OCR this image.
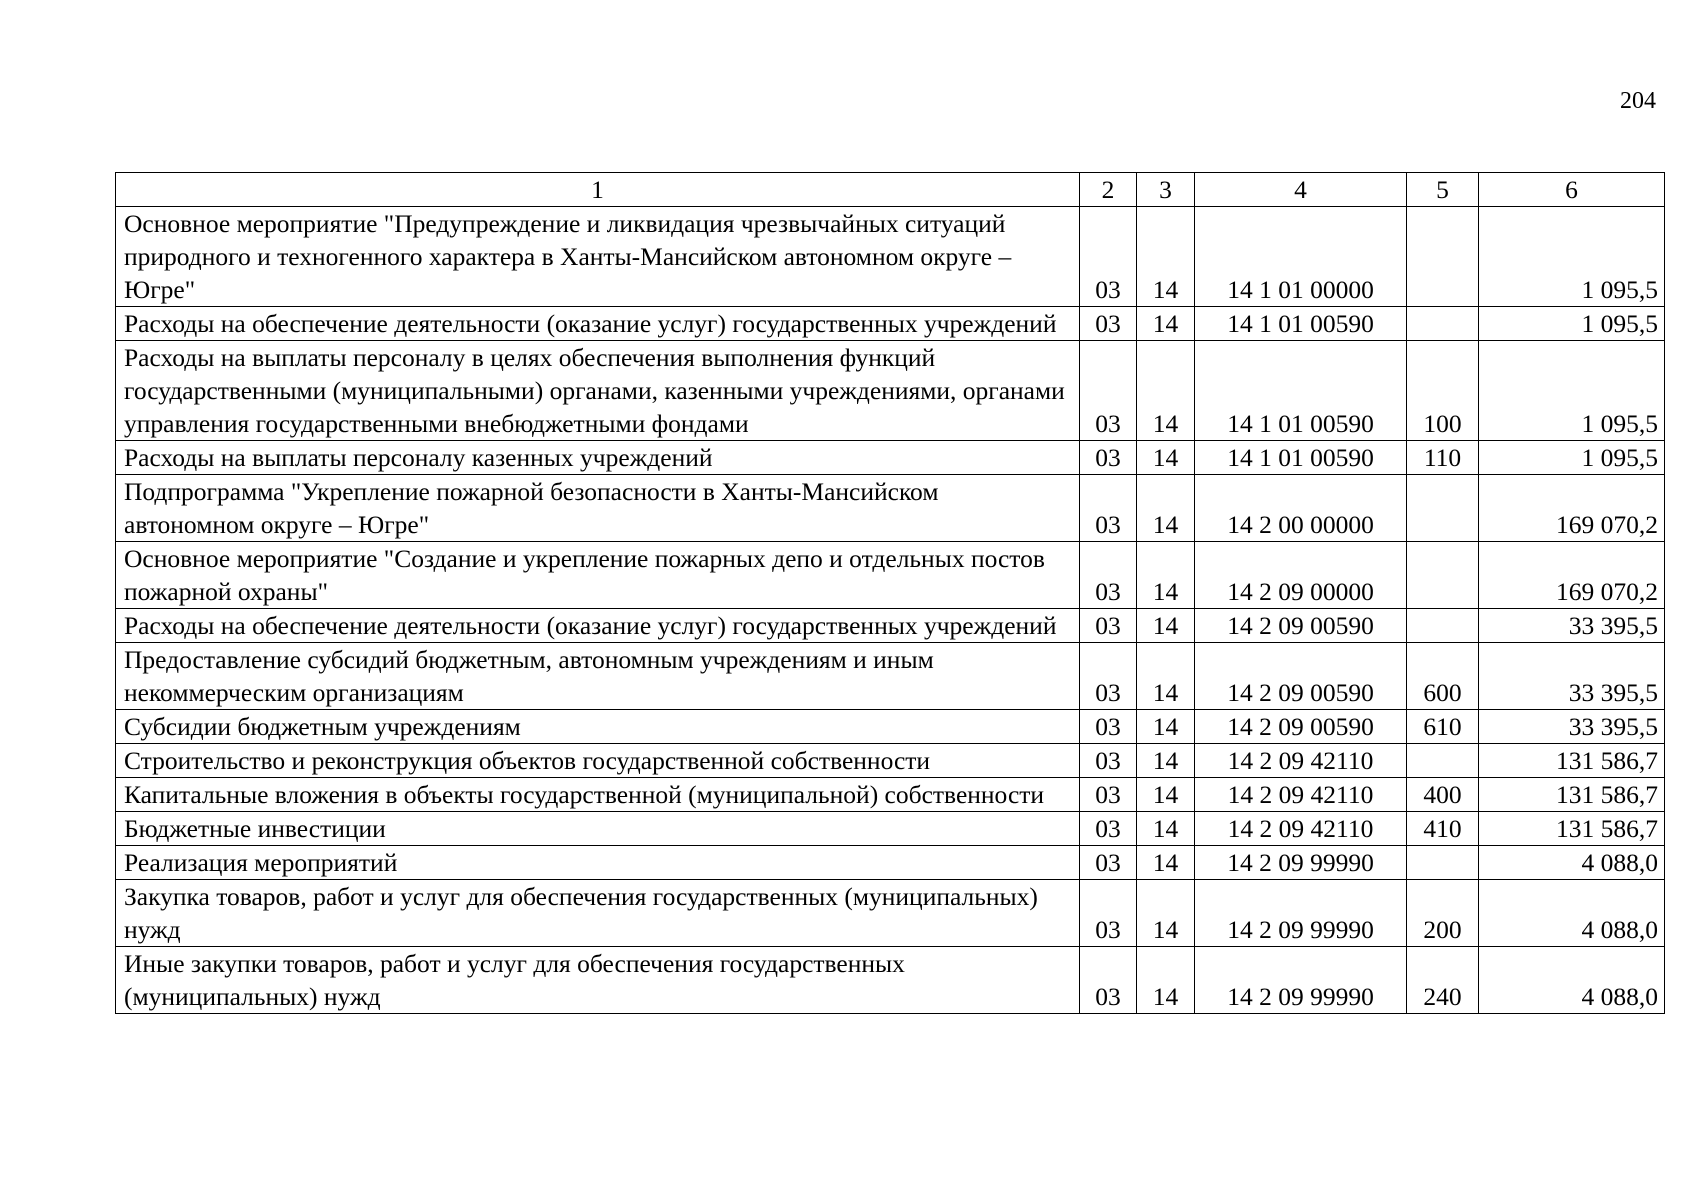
204
1	2	3	4	5	6
Основное мероприятие "Предупреждение и ликвидация чрезвычайных ситуаций природного и техногенного характера в Ханты-Мансийском автономном округе – Югре"	03	14	14 1 01 00000		1 095,5
Расходы на обеспечение деятельности (оказание услуг) государственных учреждений	03	14	14 1 01 00590		1 095,5
Расходы на выплаты персоналу в целях обеспечения выполнения функций государственными (муниципальными) органами, казенными учреждениями, органами управления государственными внебюджетными фондами	03	14	14 1 01 00590	100	1 095,5
Расходы на выплаты персоналу казенных учреждений	03	14	14 1 01 00590	110	1 095,5
Подпрограмма "Укрепление пожарной безопасности в Ханты-Мансийском автономном округе – Югре"	03	14	14 2 00 00000		169 070,2
Основное мероприятие "Создание и укрепление пожарных депо и отдельных постов пожарной охраны"	03	14	14 2 09 00000		169 070,2
Расходы на обеспечение деятельности (оказание услуг) государственных учреждений	03	14	14 2 09 00590		33 395,5
Предоставление субсидий бюджетным, автономным учреждениям и иным некоммерческим организациям	03	14	14 2 09 00590	600	33 395,5
Субсидии бюджетным учреждениям	03	14	14 2 09 00590	610	33 395,5
Строительство и реконструкция объектов государственной собственности	03	14	14 2 09 42110		131 586,7
Капитальные вложения в объекты государственной (муниципальной) собственности	03	14	14 2 09 42110	400	131 586,7
Бюджетные инвестиции	03	14	14 2 09 42110	410	131 586,7
Реализация мероприятий	03	14	14 2 09 99990		4 088,0
Закупка товаров, работ и услуг для обеспечения государственных (муниципальных) нужд	03	14	14 2 09 99990	200	4 088,0
Иные закупки товаров, работ и услуг для обеспечения государственных (муниципальных) нужд	03	14	14 2 09 99990	240	4 088,0
